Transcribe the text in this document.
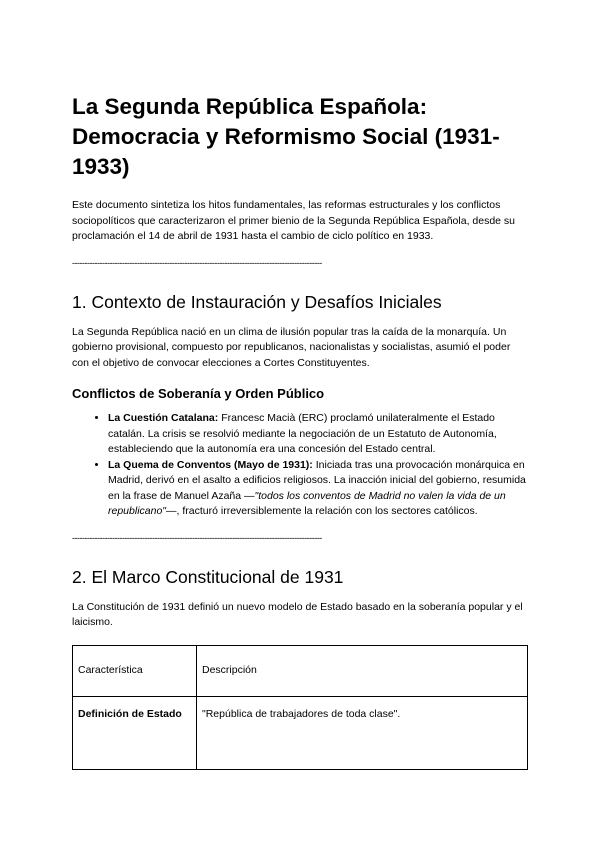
La Segunda República Española: Democracia y Reformismo Social (1931-1933)

Este documento sintetiza los hitos fundamentales, las reformas estructurales y los conflictos sociopolíticos que caracterizaron el primer bienio de la Segunda República Española, desde su proclamación el 14 de abril de 1931 hasta el cambio de ciclo político en 1933.

----------------------------------------------------------------------------------------------------

1. Contexto de Instauración y Desafíos Iniciales

La Segunda República nació en un clima de ilusión popular tras la caída de la monarquía. Un gobierno provisional, compuesto por republicanos, nacionalistas y socialistas, asumió el poder con el objetivo de convocar elecciones a Cortes Constituyentes.

Conflictos de Soberanía y Orden Público
• La Cuestión Catalana: Francesc Macià (ERC) proclamó unilateralmente el Estado catalán. La crisis se resolvió mediante la negociación de un Estatuto de Autonomía, estableciendo que la autonomía era una concesión del Estado central.
• La Quema de Conventos (Mayo de 1931): Iniciada tras una provocación monárquica en Madrid, derivó en el asalto a edificios religiosos. La inacción inicial del gobierno, resumida en la frase de Manuel Azaña —"todos los conventos de Madrid no valen la vida de un republicano"—, fracturó irreversiblemente la relación con los sectores católicos.

----------------------------------------------------------------------------------------------------

2. El Marco Constitucional de 1931

La Constitución de 1931 definió un nuevo modelo de Estado basado en la soberanía popular y el laicismo.

Característica	Descripción
Definición de Estado	"República de trabajadores de toda clase".
